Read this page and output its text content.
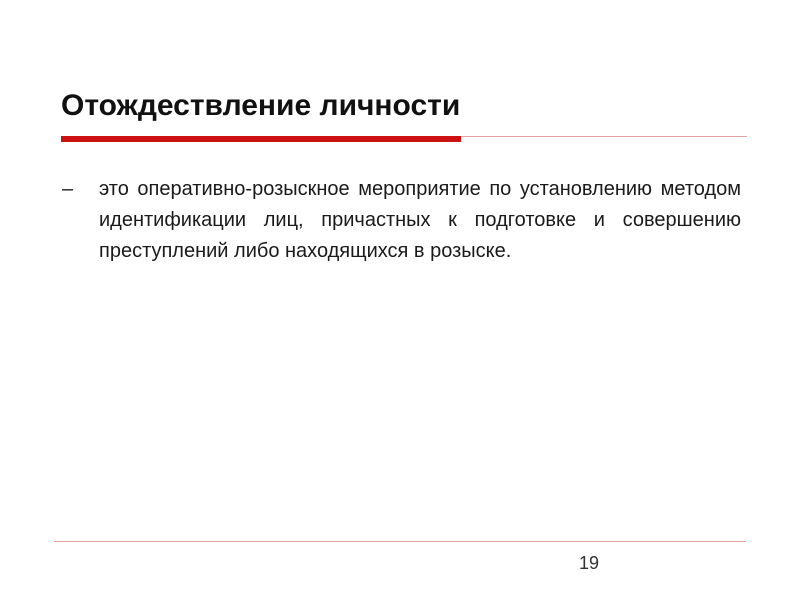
Отождествление личности
– это оперативно-розыскное мероприятие по установлению методом идентификации лиц, причастных к подготовке и совершению преступлений либо находящихся в розыске.

19
